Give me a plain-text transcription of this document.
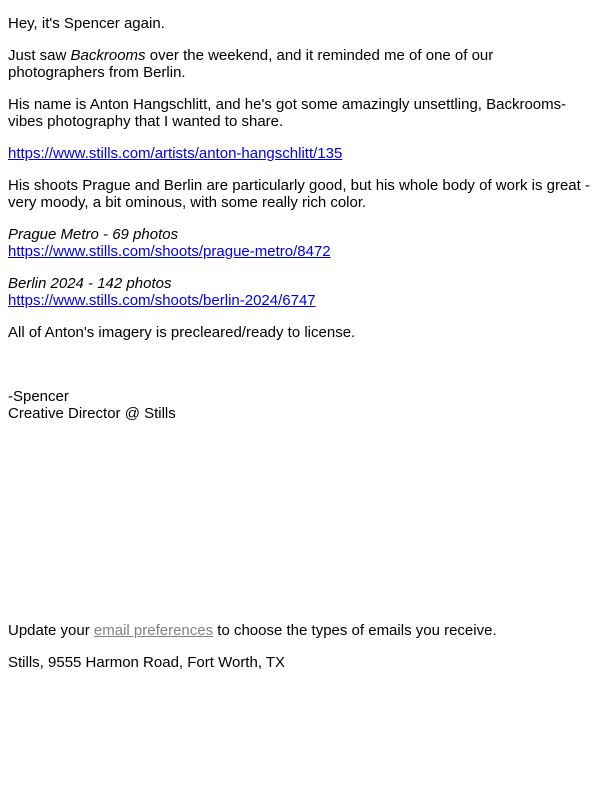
Hey, it's Spencer again.

Just saw Backrooms over the weekend, and it reminded me of one of our photographers from Berlin.

His name is Anton Hangschlitt, and he's got some amazingly unsettling, Backrooms-vibes photography that I wanted to share.

https://www.stills.com/artists/anton-hangschlitt/135

His shoots Prague and Berlin are particularly good, but his whole body of work is great - very moody, a bit ominous, with some really rich color.

Prague Metro - 69 photos
https://www.stills.com/shoots/prague-metro/8472

Berlin 2024 - 142 photos
https://www.stills.com/shoots/berlin-2024/6747

All of Anton's imagery is precleared/ready to license.

-Spencer
Creative Director @ Stills

Update your email preferences to choose the types of emails you receive.

Stills, 9555 Harmon Road, Fort Worth, TX
